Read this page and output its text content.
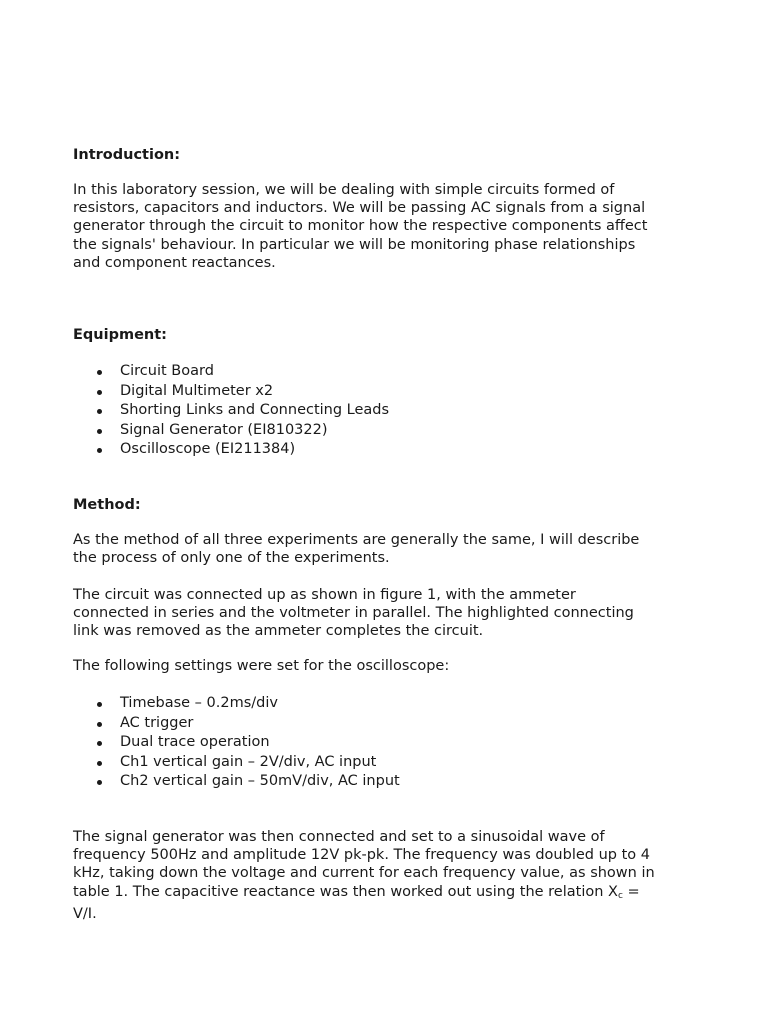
Introduction:

In this laboratory session, we will be dealing with simple circuits formed of
resistors, capacitors and inductors. We will be passing AC signals from a signal
generator through the circuit to monitor how the respective components affect
the signals' behaviour. In particular we will be monitoring phase relationships
and component reactances.

Equipment:
Circuit Board
Digital Multimeter x2
Shorting Links and Connecting Leads
Signal Generator (EI810322)
Oscilloscope (EI211384)
Method:

As the method of all three experiments are generally the same, I will describe
the process of only one of the experiments.

The circuit was connected up as shown in figure 1, with the ammeter
connected in series and the voltmeter in parallel. The highlighted connecting
link was removed as the ammeter completes the circuit.

The following settings were set for the oscilloscope:

Timebase – 0.2ms/div
AC trigger
Dual trace operation
Ch1 vertical gain – 2V/div, AC input
Ch2 vertical gain – 50mV/div, AC input

The signal generator was then connected and set to a sinusoidal wave of
frequency 500Hz and amplitude 12V pk-pk. The frequency was doubled up to 4
kHz, taking down the voltage and current for each frequency value, as shown in
table 1. The capacitive reactance was then worked out using the relation $X_c$ =
V/I.
